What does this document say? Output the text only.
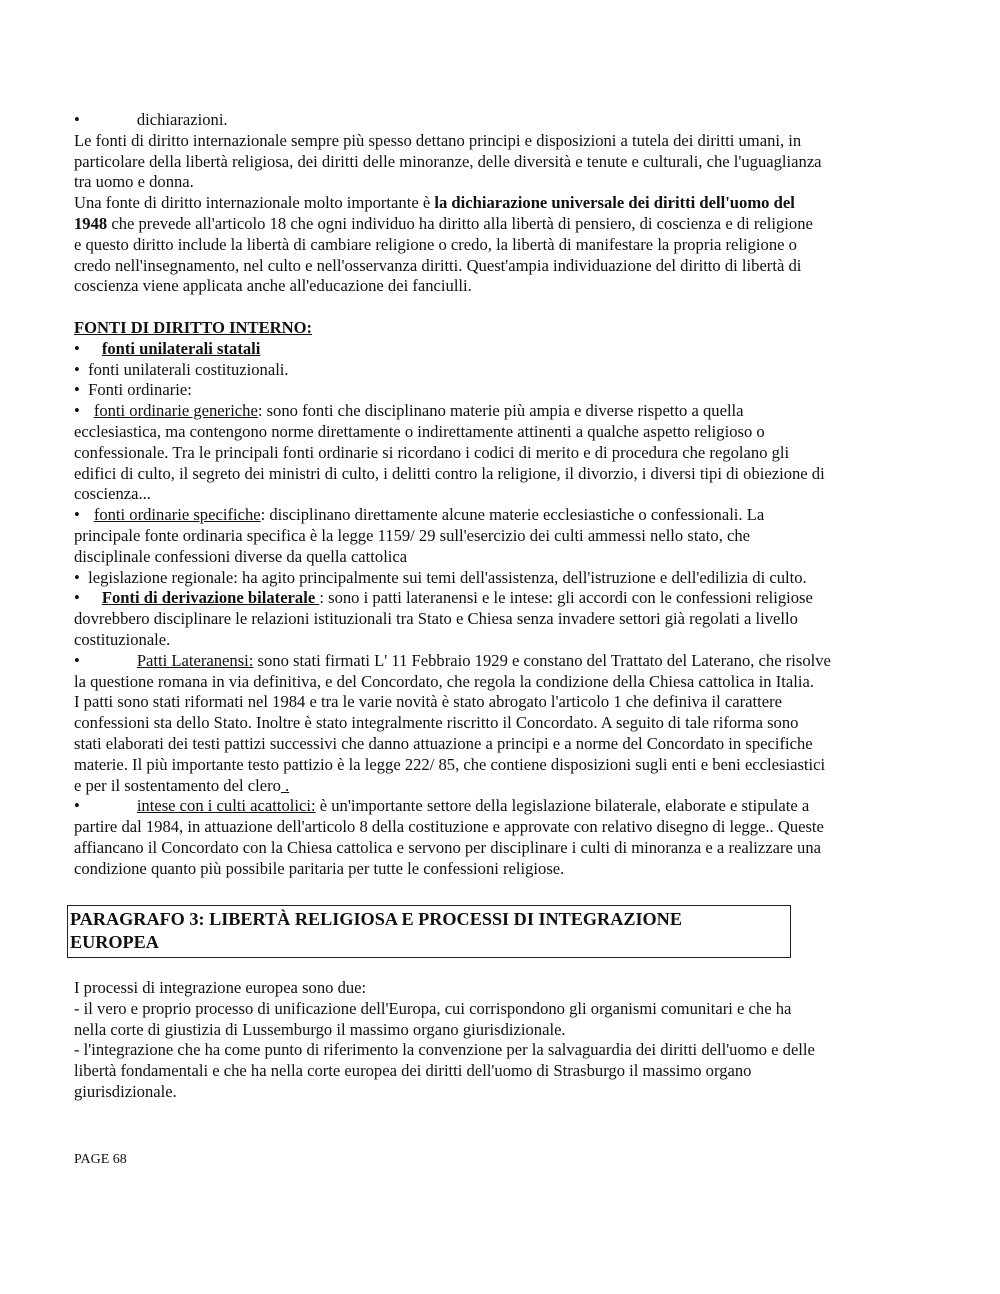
•	dichiarazioni.
Le fonti di diritto internazionale sempre più spesso dettano principi e disposizioni a tutela dei diritti umani, in
particolare della libertà religiosa, dei diritti delle minoranze, delle diversità e tenute e culturali, che l'uguaglianza
tra uomo e donna.
Una fonte di diritto internazionale molto importante è la dichiarazione universale dei diritti dell'uomo del
1948 che prevede all'articolo 18 che ogni individuo ha diritto alla libertà di pensiero, di coscienza e di religione
e questo diritto include la libertà di cambiare religione o credo, la libertà di manifestare la propria religione o
credo nell'insegnamento, nel culto e nell'osservanza diritti. Quest'ampia individuazione del diritto di libertà di
coscienza viene applicata anche all'educazione dei fanciulli.
FONTI DI DIRITTO INTERNO:
• fonti unilaterali statali
• fonti unilaterali costituzionali.
• Fonti ordinarie:
• fonti ordinarie generiche: sono fonti che disciplinano materie più ampia e diverse rispetto a quella
ecclesiastica, ma contengono norme direttamente o indirettamente attinenti a qualche aspetto religioso o
confessionale. Tra le principali fonti ordinarie si ricordano i codici di merito e di procedura che regolano gli
edifici di culto, il segreto dei ministri di culto, i delitti contro la religione, il divorzio, i diversi tipi di obiezione di
coscienza...
• fonti ordinarie specifiche: disciplinano direttamente alcune materie ecclesiastiche o confessionali. La
principale fonte ordinaria specifica è la legge 1159/ 29 sull'esercizio dei culti ammessi nello stato, che
disciplinale confessioni diverse da quella cattolica
• legislazione regionale: ha agito principalmente sui temi dell'assistenza, dell'istruzione e dell'edilizia di culto.
• Fonti di derivazione bilaterale : sono i patti lateranensi e le intese: gli accordi con le confessioni religiose
dovrebbero disciplinare le relazioni istituzionali tra Stato e Chiesa senza invadere settori già regolati a livello
costituzionale.
•	Patti Lateranensi: sono stati firmati L' 11 Febbraio 1929 e constano del Trattato del Laterano, che risolve
la questione romana in via definitiva, e del Concordato, che regola la condizione della Chiesa cattolica in Italia.
I patti sono stati riformati nel 1984 e tra le varie novità è stato abrogato l'articolo 1 che definiva il carattere
confessioni sta dello Stato. Inoltre è stato integralmente riscritto il Concordato. A seguito di tale riforma sono
stati elaborati dei testi pattizi successivi che danno attuazione a principi e a norme del Concordato in specifiche
materie. Il più importante testo pattizio è la legge 222/ 85, che contiene disposizioni sugli enti e beni ecclesiastici
e per il sostentamento del clero .
•	intese con i culti acattolici: è un'importante settore della legislazione bilaterale, elaborate e stipulate a
partire dal 1984, in attuazione dell'articolo 8 della costituzione e approvate con relativo disegno di legge.. Queste
affiancano il Concordato con la Chiesa cattolica e servono per disciplinare i culti di minoranza e a realizzare una
condizione quanto più possibile paritaria per tutte le confessioni religiose.
PARAGRAFO 3: LIBERTÀ RELIGIOSA E PROCESSI DI INTEGRAZIONE
EUROPEA
I processi di integrazione europea sono due:
- il vero e proprio processo di unificazione dell'Europa, cui corrispondono gli organismi comunitari e che ha
nella corte di giustizia di Lussemburgo il massimo organo giurisdizionale.
- l'integrazione che ha come punto di riferimento la convenzione per la salvaguardia dei diritti dell'uomo e delle
libertà fondamentali e che ha nella corte europea dei diritti dell'uomo di Strasburgo il massimo organo
giurisdizionale.
PAGE 68
